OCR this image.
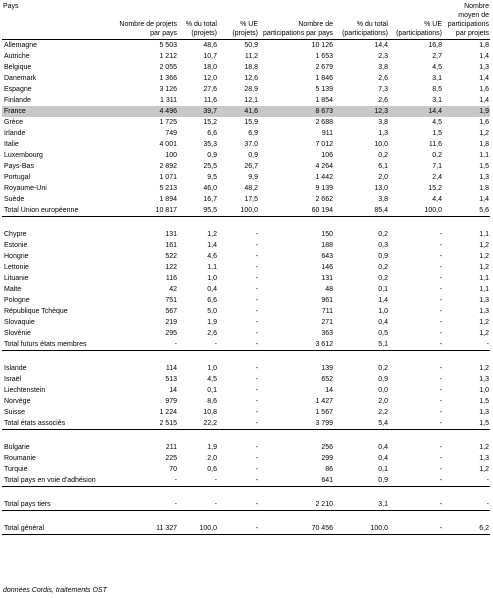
Pays	Nombre de projets par pays	% du total (projets)	% UE (projets)	Nombre de participations par pays	% du total (participations)	% UE (participations)	Nombre moyen de participations par projets
Allemagne	5 503	48,6	50,9	10 126	14,4	16,8	1,8
Autriche	1 212	10,7	11,2	1 653	2,3	2,7	1,4
Belgique	2 055	18,0	18,8	2 679	3,8	4,5	1,3
Danemark	1 366	12,0	12,6	1 846	2,6	3,1	1,4
Espagne	3 126	27,6	28,9	5 139	7,3	8,5	1,6
Finlande	1 311	11,6	12,1	1 854	2,6	3,1	1,4
France	4 496	39,7	41,6	8 673	12,3	14,4	1,9
Grèce	1 725	15,2	15,9	2 688	3,8	4,5	1,6
Irlande	749	6,6	6,9	911	1,3	1,5	1,2
Italie	4 001	35,3	37,0	7 012	10,0	11,6	1,8
Luxembourg	100	0,9	0,9	106	0,2	0,2	1,1
Pays-Bas	2 892	25,5	26,7	4 264	6,1	7,1	1,5
Portugal	1 071	9,5	9,9	1 442	2,0	2,4	1,3
Royaume-Uni	5 213	46,0	48,2	9 139	13,0	15,2	1,8
Suède	1 894	16,7	17,5	2 662	3,8	4,4	1,4
Total Union européenne	10 817	95,5	100,0	60 194	85,4	100,0	5,6

Chypre	131	1,2	-	150	0,2	-	1,1
Estonie	161	1,4	-	188	0,3	-	1,2
Hongrie	522	4,6	-	643	0,9	-	1,2
Lettonie	122	1,1	-	146	0,2	-	1,2
Lituanie	116	1,0	-	131	0,2	-	1,1
Malte	42	0,4	-	48	0,1	-	1,1
Pologne	751	6,6	-	961	1,4	-	1,3
République Tchèque	567	5,0	-	711	1,0	-	1,3
Slovaquie	219	1,9	-	271	0,4	-	1,2
Slovénie	295	2,6	-	363	0,5	-	1,2
Total futurs états membres	-	-	-	3 612	5,1	-	-

Islande	114	1,0	-	139	0,2	-	1,2
Israël	513	4,5	-	652	0,9	-	1,3
Liechtenstein	14	0,1	-	14	0,0	-	1,0
Norvège	979	8,6	-	1 427	2,0	-	1,5
Suisse	1 224	10,8	-	1 567	2,2	-	1,3
Total états associés	2 515	22,2	-	3 799	5,4	-	1,5

Bulgarie	211	1,9	-	256	0,4	-	1,2
Roumanie	225	2,0	-	299	0,4	-	1,3
Turquie	70	0,6	-	86	0,1	-	1,2
Total pays en voie d'adhésion	-	-	-	641	0,9	-	-

Total pays tiers	-	-	-	2 210	3,1	-	-

Total général	11 327	100,0	-	70 456	100,0	-	6,2
données Cordis, traitements OST
